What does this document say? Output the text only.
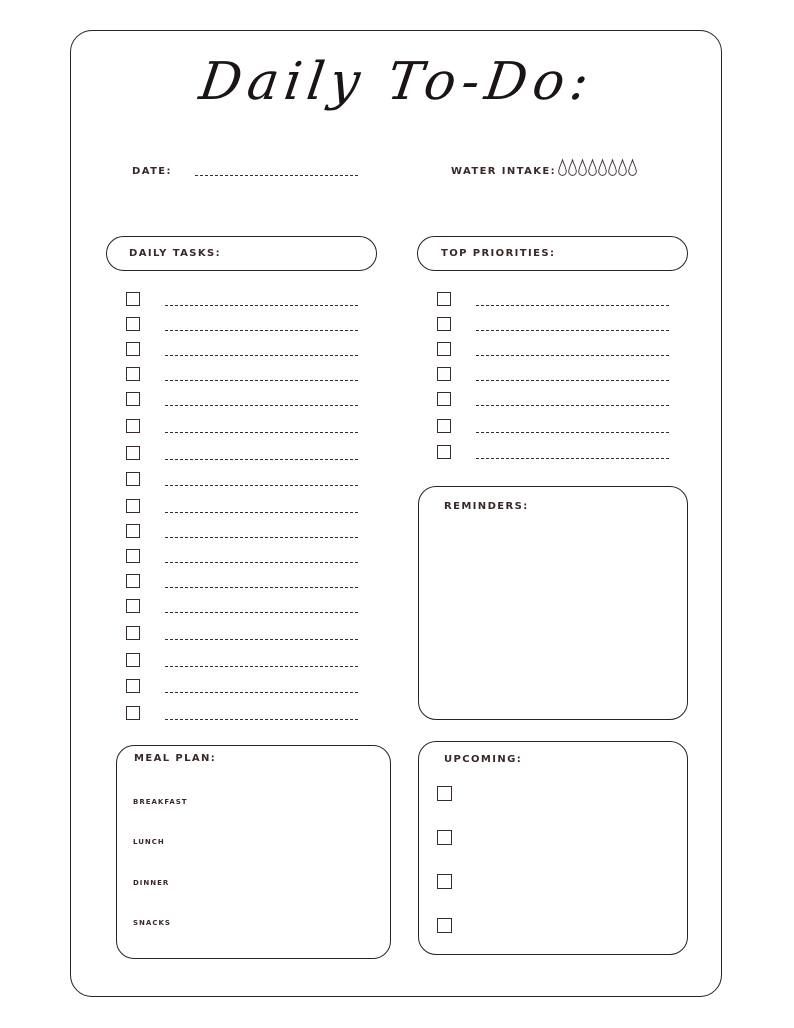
Daily To-Do:
DATE:	WATER INTAKE:
DAILY TASKS:	TOP PRIORITIES:
REMINDERS:
MEAL PLAN:
BREAKFAST
LUNCH
DINNER
SNACKS
UPCOMING:
